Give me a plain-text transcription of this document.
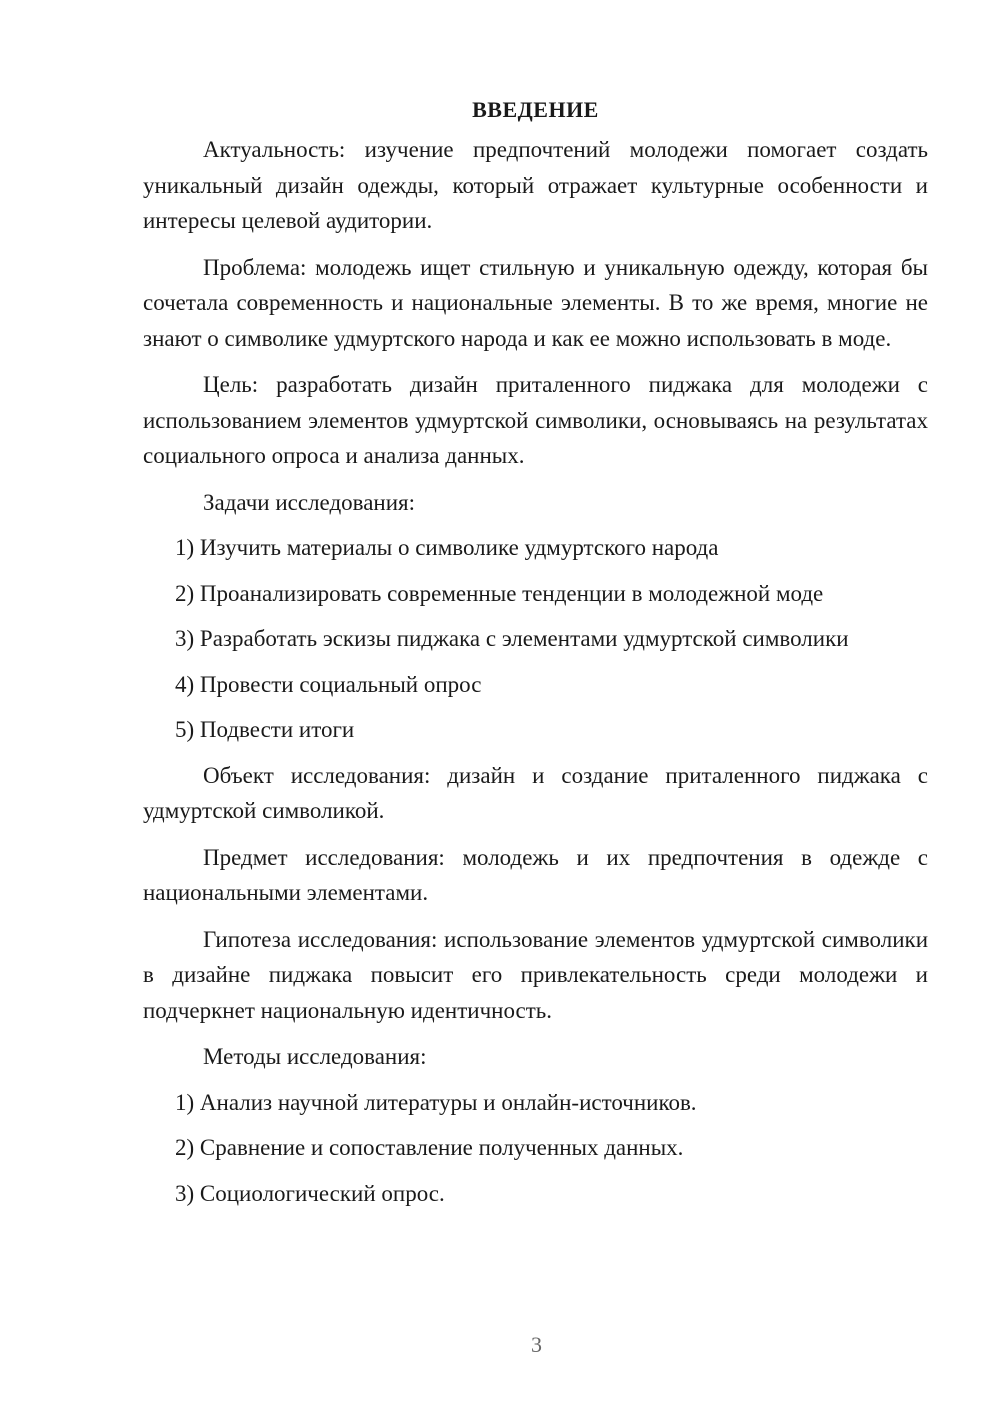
ВВЕДЕНИЕ

Актуальность: изучение предпочтений молодежи помогает создать уникальный дизайн одежды, который отражает культурные особенности и интересы целевой аудитории.

Проблема: молодежь ищет стильную и уникальную одежду, которая бы сочетала современность и национальные элементы. В то же время, многие не знают о символике удмуртского народа и как ее можно использовать в моде.

Цель: разработать дизайн приталенного пиджака для молодежи с использованием элементов удмуртской символики, основываясь на результатах социального опроса и анализа данных.

Задачи исследования:

1) Изучить материалы о символике удмуртского народа
2) Проанализировать современные тенденции в молодежной моде
3) Разработать эскизы пиджака с элементами удмуртской символики
4) Провести социальный опрос
5) Подвести итоги

Объект исследования: дизайн и создание приталенного пиджака с удмуртской символикой.

Предмет исследования: молодежь и их предпочтения в одежде с национальными элементами.

Гипотеза исследования: использование элементов удмуртской символики в дизайне пиджака повысит его привлекательность среди молодежи и подчеркнет национальную идентичность.

Методы исследования:

1) Анализ научной литературы и онлайн-источников.
2) Сравнение и сопоставление полученных данных.
3) Социологический опрос.
3
